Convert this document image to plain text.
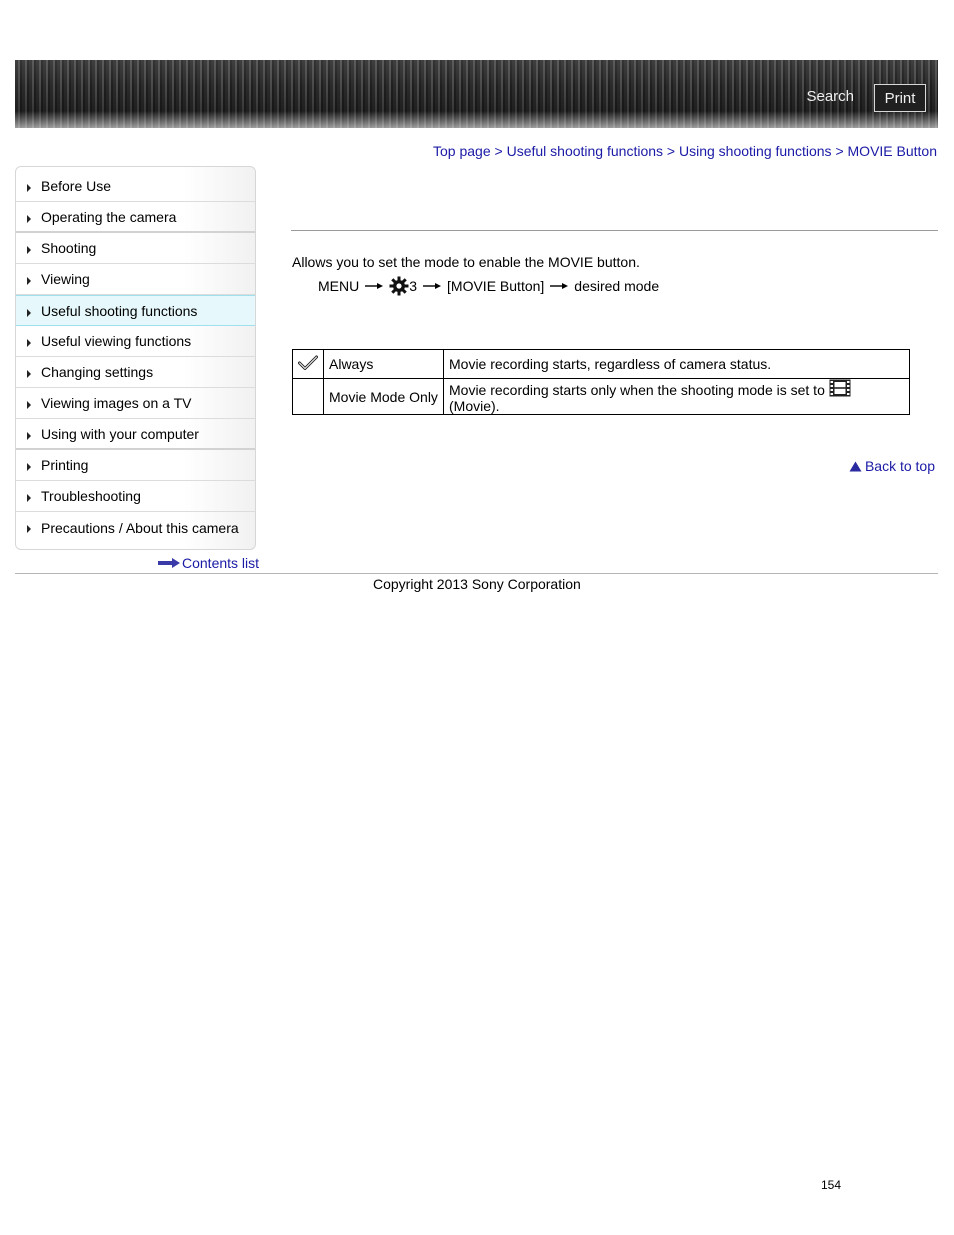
Search	Print
Top page > Useful shooting functions > Using shooting functions > MOVIE Button
Before Use
Operating the camera
Shooting
Viewing
Useful shooting functions
Useful viewing functions
Changing settings
Viewing images on a TV
Using with your computer
Printing
Troubleshooting
Precautions / About this camera
Contents list
Allows you to set the mode to enable the MOVIE button.
MENU	3 [MOVIE Button] desired mode
	Always	Movie recording starts, regardless of camera status.
	Movie Mode Only	Movie recording starts only when the shooting mode is set to  (Movie).
Back to top
Copyright 2013 Sony Corporation
154
